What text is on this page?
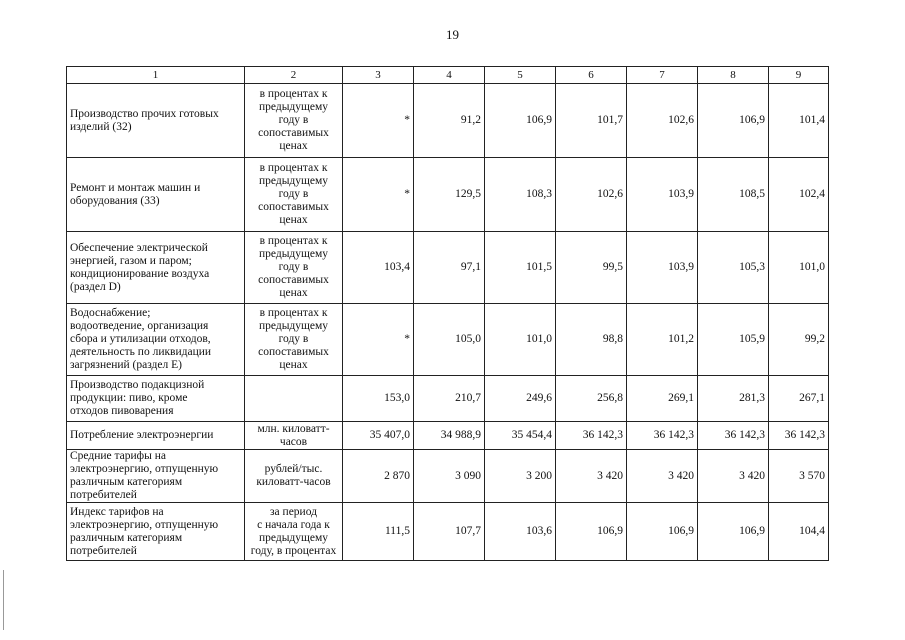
19
1	2	3	4	5	6	7	8	9

Производство прочих готовых
изделий (32)	в процентах к
предыдущему
году в
сопоставимых
ценах	*	91,2	106,9	101,7	102,6	106,9	101,4

Ремонт и монтаж машин и
оборудования (33)	в процентах к
предыдущему
году в
сопоставимых
ценах	*	129,5	108,3	102,6	103,9	108,5	102,4

Обеспечение электрической
энергией, газом и паром;
кондиционирование воздуха
(раздел D)	в процентах к
предыдущему
году в
сопоставимых
ценах	103,4	97,1	101,5	99,5	103,9	105,3	101,0

Водоснабжение;
водоотведение, организация
сбора и утилизации отходов,
деятельность по ликвидации
загрязнений (раздел Е)	в процентах к
предыдущему
году в
сопоставимых
ценах	*	105,0	101,0	98,8	101,2	105,9	99,2

Производство подакцизной
продукции: пиво, кроме
отходов пивоварения		153,0	210,7	249,6	256,8	269,1	281,3	267,1

Потребление электроэнергии	млн. киловатт-
часов	35 407,0	34 988,9	35 454,4	36 142,3	36 142,3	36 142,3	36 142,3

Средние тарифы на
электроэнергию, отпущенную
различным категориям
потребителей	рублей/тыс.
киловатт-часов	2 870	3 090	3 200	3 420	3 420	3 420	3 570

Индекс тарифов на
электроэнергию, отпущенную
различным категориям
потребителей	за период
с начала года к
предыдущему
году, в процентах	111,5	107,7	103,6	106,9	106,9	106,9	104,4
